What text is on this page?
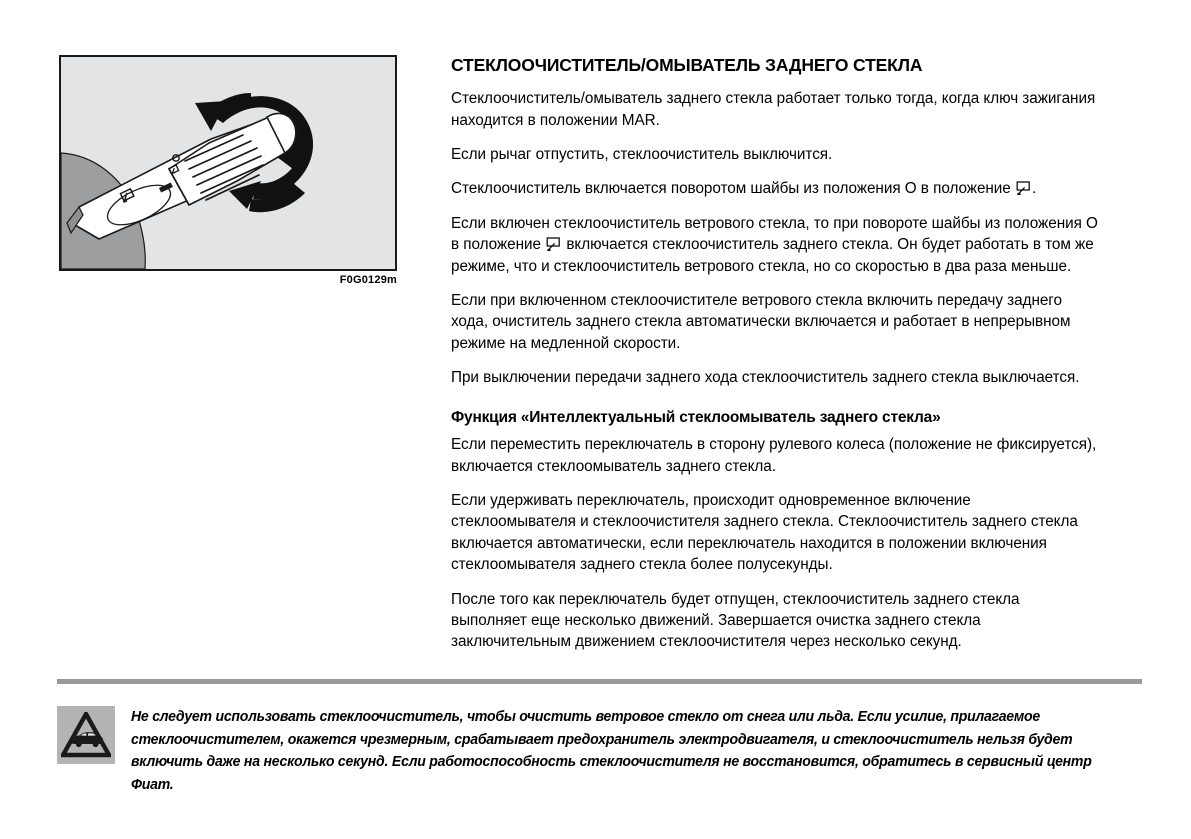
F0G0129m
СТЕКЛООЧИСТИТЕЛЬ/ОМЫВАТЕЛЬ ЗАДНЕГО СТЕКЛА

Стеклоочиститель/омыватель заднего стекла работает только тогда, когда ключ зажигания находится в положении MAR.

Если рычаг отпустить, стеклоочиститель выключится.

Стеклоочиститель включается поворотом шайбы из положения O в положение
.

Если включен стеклоочиститель ветрового стекла, то при повороте шайбы из положения O в положение
включается стеклоочиститель заднего стекла. Он будет работать в том же режиме, что и стеклоочиститель ветрового стекла, но со скоростью в два раза меньше.

Если при включенном стеклоочистителе ветрового стекла включить передачу заднего хода, очиститель заднего стекла автоматически включается и работает в непрерывном режиме на медленной скорости.

При выключении передачи заднего хода стеклоочиститель заднего стекла выключается.

Функция «Интеллектуальный стеклоомыватель заднего стекла»

Если переместить переключатель в сторону рулевого колеса (положение не фиксируется), включается стеклоомыватель заднего стекла.

Если удерживать переключатель, происходит одновременное включение стеклоомывателя и стеклоочистителя заднего стекла. Стеклоочиститель заднего стекла включается автоматически, если переключатель находится в положении включения стеклоомывателя заднего стекла более полусекунды.

После того как переключатель будет отпущен, стеклоочиститель заднего стекла выполняет еще несколько движений. Завершается очистка заднего стекла заключительным движением стеклоочистителя через несколько секунд.

Не следует использовать стеклоочиститель, чтобы очистить ветровое стекло от снега или льда. Если усилие, прилагаемое стеклоочистителем, окажется чрезмерным, срабатывает предохранитель электродвигателя, и стеклоочиститель нельзя будет включить даже на несколько секунд. Если работоспособность стеклоочистителя не восстановится, обратитесь в сервисный центр Фиат.
